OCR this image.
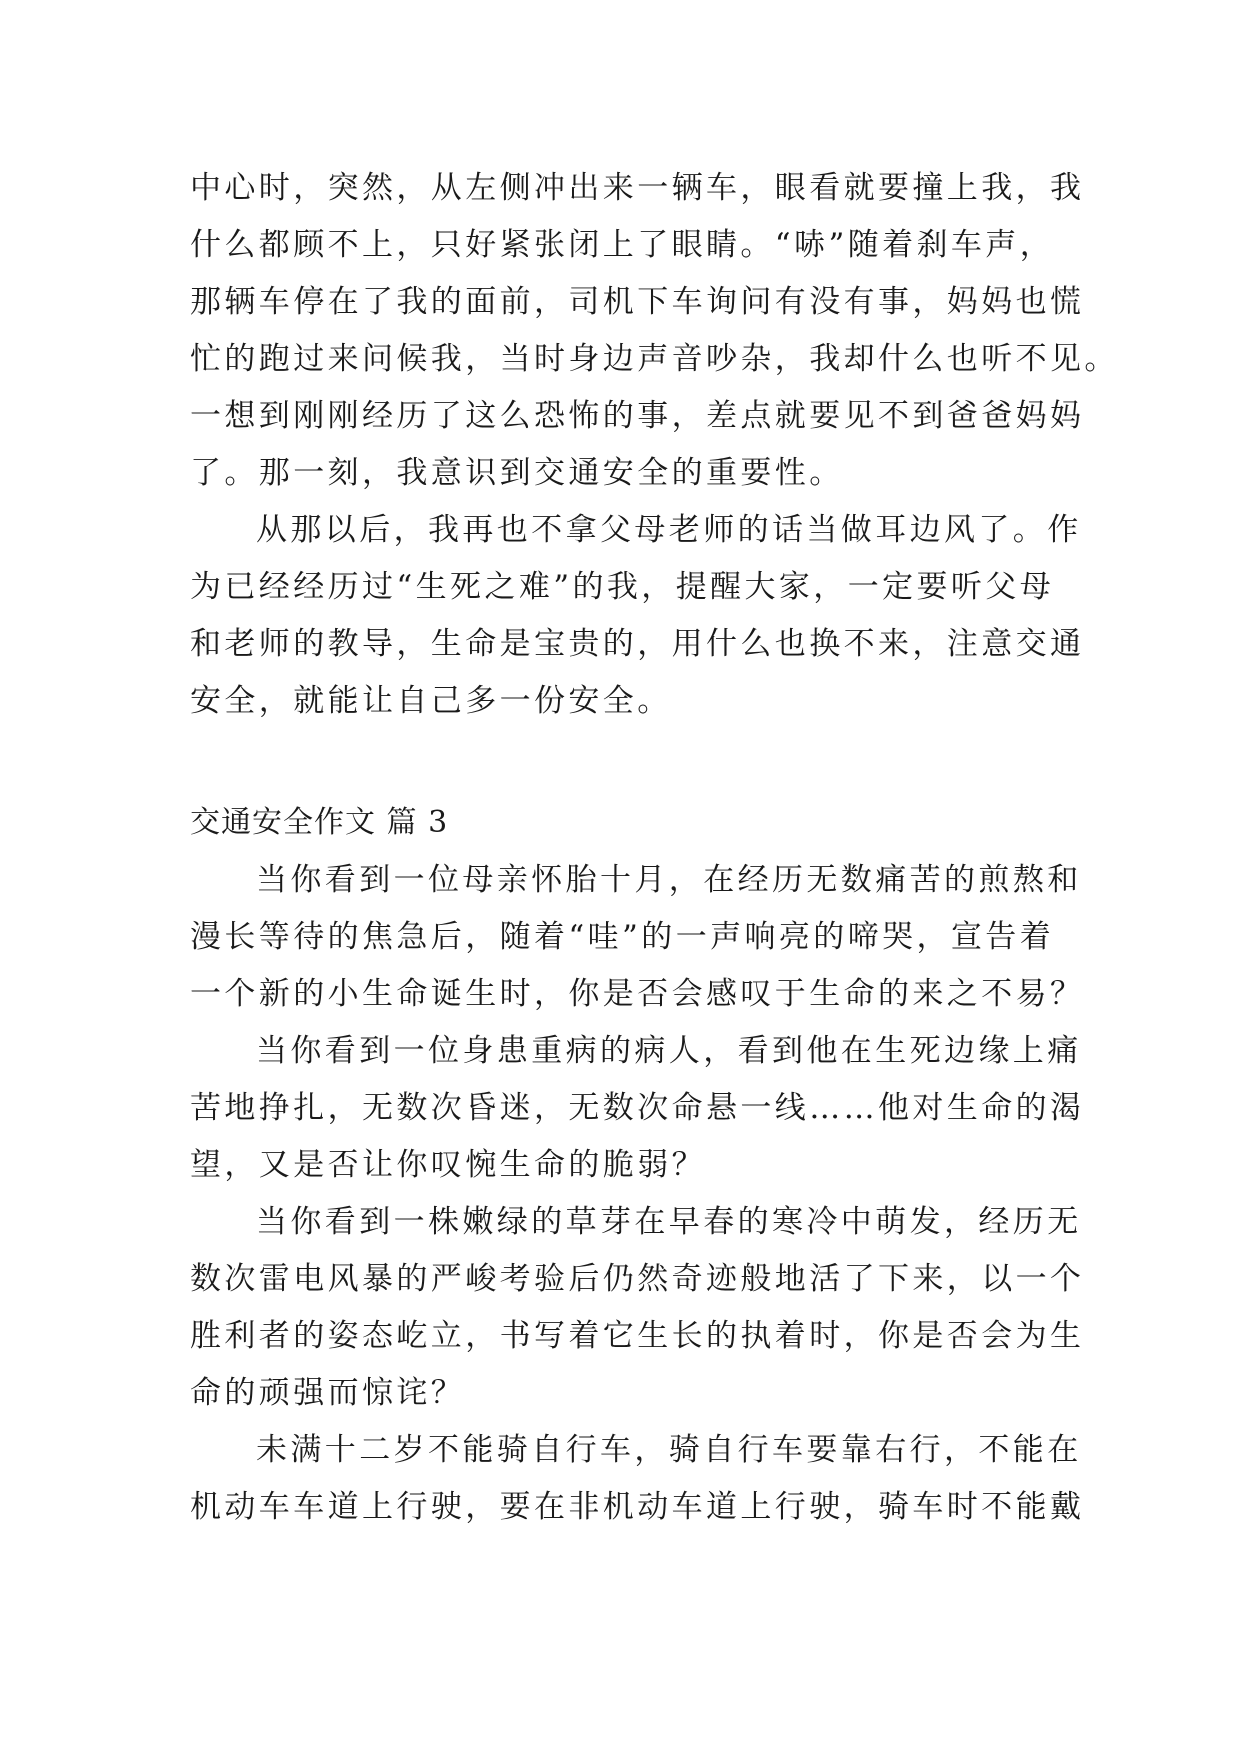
中心时，突然，从左侧冲出来一辆车，眼看就要撞上我，我
什么都顾不上，只好紧张闭上了眼睛。“哧”随着刹车声，
那辆车停在了我的面前，司机下车询问有没有事，妈妈也慌
忙的跑过来问候我，当时身边声音吵杂，我却什么也听不见。
一想到刚刚经历了这么恐怖的事，差点就要见不到爸爸妈妈
了。那一刻，我意识到交通安全的重要性。
从那以后，我再也不拿父母老师的话当做耳边风了。作
为已经经历过“生死之难”的我，提醒大家，一定要听父母
和老师的教导，生命是宝贵的，用什么也换不来，注意交通
安全，就能让自己多一份安全。
交通安全作文 篇 3
当你看到一位母亲怀胎十月，在经历无数痛苦的煎熬和
漫长等待的焦急后，随着“哇”的一声响亮的啼哭，宣告着
一个新的小生命诞生时，你是否会感叹于生命的来之不易？
当你看到一位身患重病的病人，看到他在生死边缘上痛
苦地挣扎，无数次昏迷，无数次命悬一线……他对生命的渴
望，又是否让你叹惋生命的脆弱？
当你看到一株嫩绿的草芽在早春的寒冷中萌发，经历无
数次雷电风暴的严峻考验后仍然奇迹般地活了下来，以一个
胜利者的姿态屹立，书写着它生长的执着时，你是否会为生
命的顽强而惊诧？
未满十二岁不能骑自行车，骑自行车要靠右行，不能在
机动车车道上行驶，要在非机动车道上行驶，骑车时不能戴
